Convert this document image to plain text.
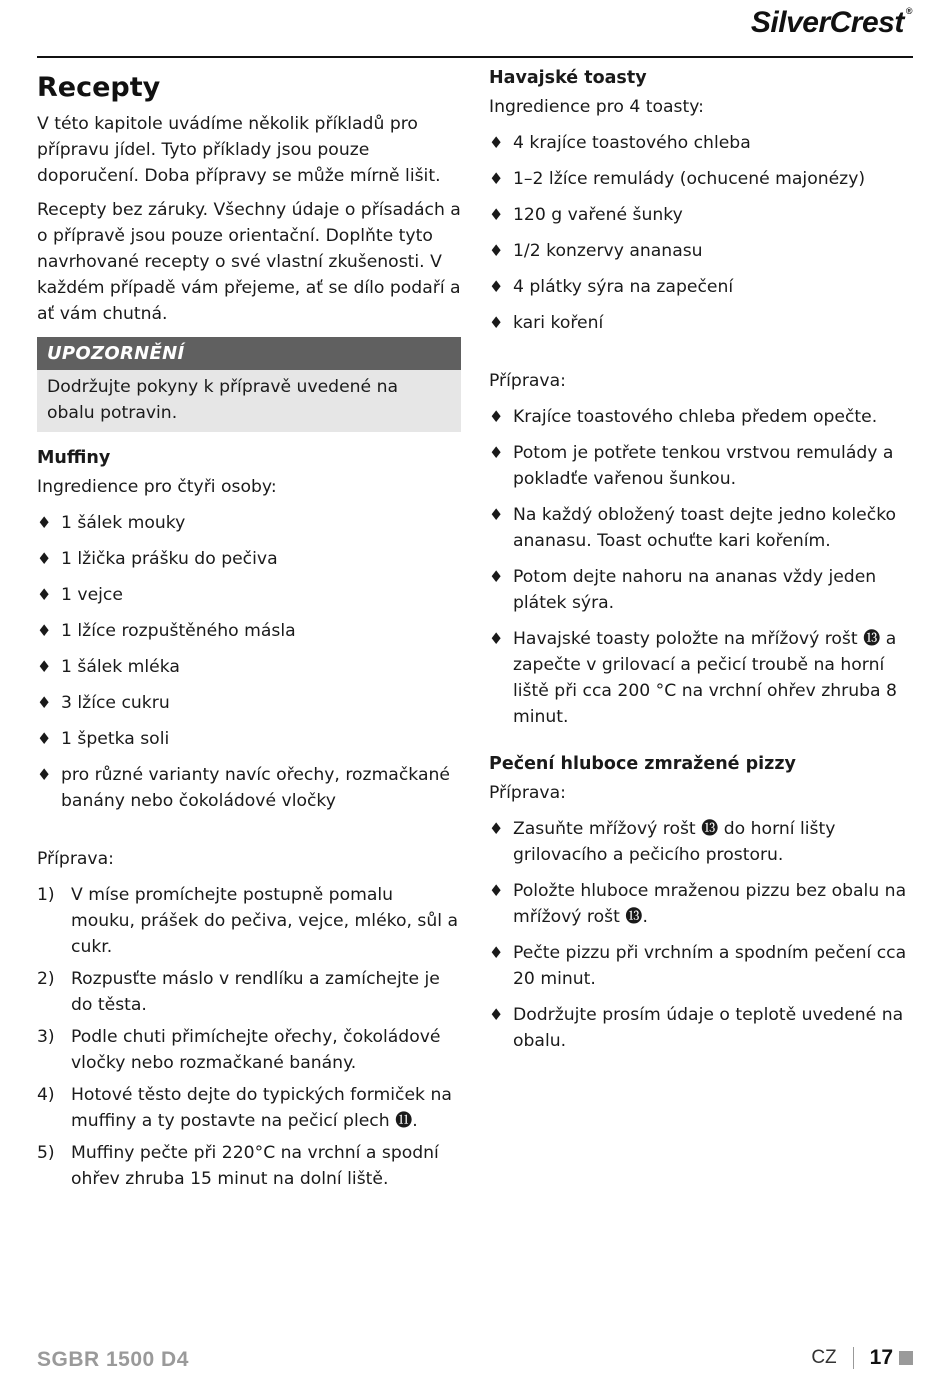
SilverCrest ®
Recepty

V této kapitole uvádíme několik příkladů pro přípravu jídel. Tyto příklady jsou pouze doporučení. Doba přípravy se může mírně lišit.

Recepty bez záruky. Všechny údaje o přísadách a o přípravě jsou pouze orientační. Doplňte tyto navrhované recepty o své vlastní zkušenosti. V každém případě vám přejeme, ať se dílo podaří a ať vám chutná.

UPOZORNĚNÍ
Dodržujte pokyny k přípravě uvedené na obalu potravin.
Muffiny
Ingredience pro čtyři osoby:
♦ 1 šálek mouky
♦ 1 lžička prášku do pečiva
♦ 1 vejce
♦ 1 lžíce rozpuštěného másla
♦ 1 šálek mléka
♦ 3 lžíce cukru
♦ 1 špetka soli
♦ pro různé varianty navíc ořechy, rozmačkané banány nebo čokoládové vločky
Příprava:
1) V míse promíchejte postupně pomalu mouku, prášek do pečiva, vejce, mléko, sůl a cukr.
2) Rozpusťte máslo v rendlíku a zamíchejte je do těsta.
3) Podle chuti přimíchejte ořechy, čokoládové vločky nebo rozmačkané banány.
4) Hotové těsto dejte do typických formiček na muffiny a ty postavte na pečicí plech ⓫.
5) Muffiny pečte při 220°C na vrchní a spodní ohřev zhruba 15 minut na dolní liště.
Havajské toasty
Ingredience pro 4 toasty:
♦ 4 krajíce toastového chleba
♦ 1–2 lžíce remulády (ochucené majonézy)
♦ 120 g vařené šunky
♦ 1/2 konzervy ananasu
♦ 4 plátky sýra na zapečení
♦ kari koření
Příprava:
♦ Krajíce toastového chleba předem opečte.
♦ Potom je potřete tenkou vrstvou remulády a pokladťe vařenou šunkou.
♦ Na každý obložený toast dejte jedno kolečko ananasu. Toast ochuťte kari kořením.
♦ Potom dejte nahoru na ananas vždy jeden plátek sýra.
♦ Havajské toasty položte na mřížový rošt ⓭ a zapečte v grilovací a pečicí troubě na horní liště při cca 200 °C na vrchní ohřev zhruba 8 minut.
Pečení hluboce zmražené pizzy
Příprava:
♦ Zasuňte mřížový rošt ⓭ do horní lišty grilovacího a pečicího prostoru.
♦ Položte hluboce mraženou pizzu bez obalu na mřížový rošt ⓭.
♦ Pečte pizzu při vrchním a spodním pečení cca 20 minut.
♦ Dodržujte prosím údaje o teplotě uvedené na obalu.
SGBR 1500 D4	CZ 17
